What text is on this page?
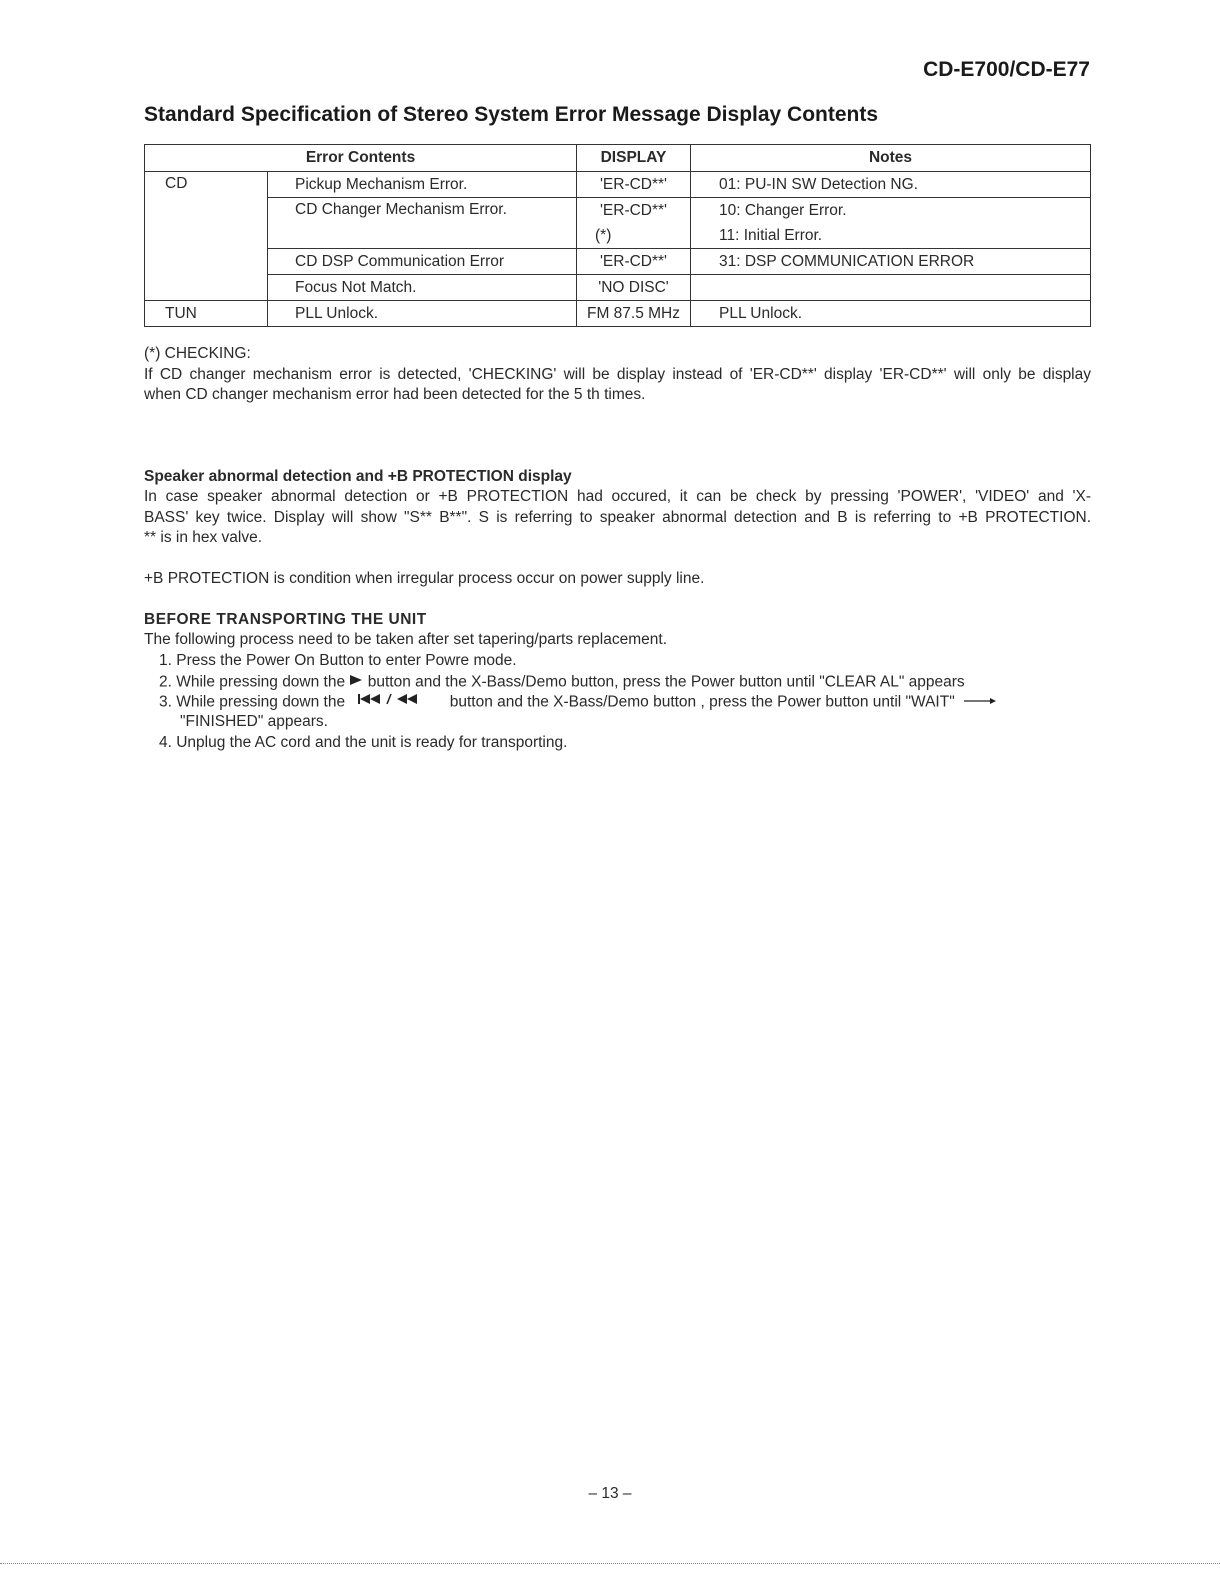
CD-E700/CD-E77
Standard Specification of Stereo System Error Message Display Contents
Error Contents		DISPLAY	Notes
CD	Pickup Mechanism Error.	'ER-CD**'	01: PU-IN SW Detection NG.
	CD Changer Mechanism Error.	'ER-CD**'	10: Changer Error.
		(*)	11: Initial Error.
	CD DSP Communication Error	'ER-CD**'	31: DSP COMMUNICATION ERROR
	Focus Not Match.	'NO DISC'	
TUN	PLL Unlock.	FM 87.5 MHz	PLL Unlock.
(*) CHECKING:
If CD changer mechanism error is detected, 'CHECKING' will be display instead of 'ER-CD**' display 'ER-CD**' will only be display
when CD changer mechanism error had been detected for the 5 th times.
Speaker abnormal detection and +B PROTECTION display
In case speaker abnormal detection or +B PROTECTION had occured, it can be check by pressing 'POWER', 'VIDEO' and 'X-
BASS' key twice. Display will show "S** B**". S is referring to speaker abnormal detection and B is referring to +B PROTECTION.
** is in hex valve.
+B PROTECTION is condition when irregular process occur on power supply line.
BEFORE TRANSPORTING THE UNIT
The following process need to be taken after set tapering/parts replacement.
1. Press the Power On Button to enter Powre mode.
2. While pressing down the button and the X-Bass/Demo button, press the Power button until "CLEAR AL" appears
3. While pressing down the	button and the X-Bass/Demo button , press the Power button until "WAIT"
"FINISHED" appears.
4. Unplug the AC cord and the unit is ready for transporting.
– 13 –
